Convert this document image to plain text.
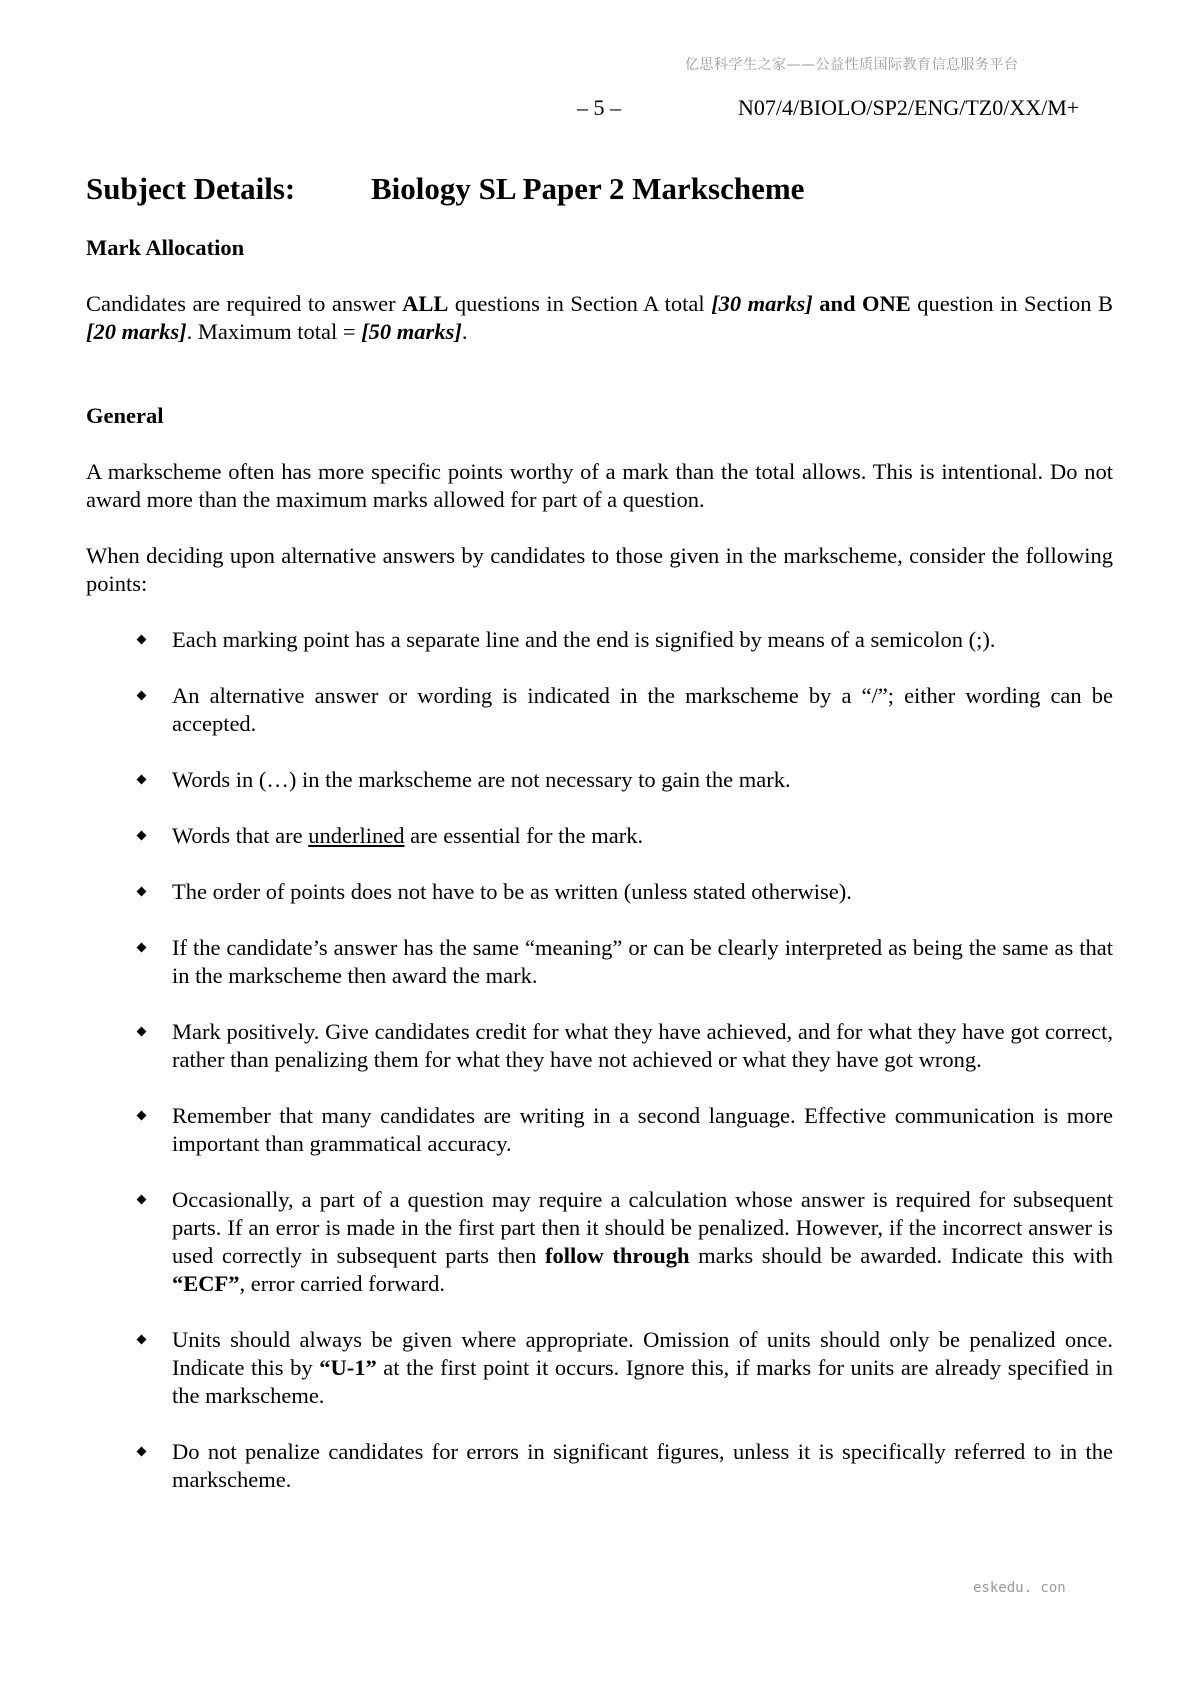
亿思科学生之家——公益性质国际教育信息服务平台
– 5 –	N07/4/BIOLO/SP2/ENG/TZ0/XX/M+
Subject Details: Biology SL Paper 2 Markscheme
Mark Allocation

Candidates are required to answer ALL questions in Section A total [30 marks] and ONE question in Section B [20 marks]. Maximum total = [50 marks].

General

A markscheme often has more specific points worthy of a mark than the total allows. This is intentional. Do not award more than the maximum marks allowed for part of a question.

When deciding upon alternative answers by candidates to those given in the markscheme, consider the following points:

Each marking point has a separate line and the end is signified by means of a semicolon (;).
An alternative answer or wording is indicated in the markscheme by a “/”; either wording can be accepted.
Words in (…) in the markscheme are not necessary to gain the mark.
Words that are underlined are essential for the mark.
The order of points does not have to be as written (unless stated otherwise).
If the candidate’s answer has the same “meaning” or can be clearly interpreted as being the same as that in the markscheme then award the mark.
Mark positively. Give candidates credit for what they have achieved, and for what they have got correct, rather than penalizing them for what they have not achieved or what they have got wrong.
Remember that many candidates are writing in a second language. Effective communication is more important than grammatical accuracy.
Occasionally, a part of a question may require a calculation whose answer is required for subsequent parts. If an error is made in the first part then it should be penalized. However, if the incorrect answer is used correctly in subsequent parts then follow through marks should be awarded. Indicate this with “ECF”, error carried forward.
Units should always be given where appropriate. Omission of units should only be penalized once. Indicate this by “U-1” at the first point it occurs. Ignore this, if marks for units are already specified in the markscheme.
Do not penalize candidates for errors in significant figures, unless it is specifically referred to in the markscheme.
eskedu. con
